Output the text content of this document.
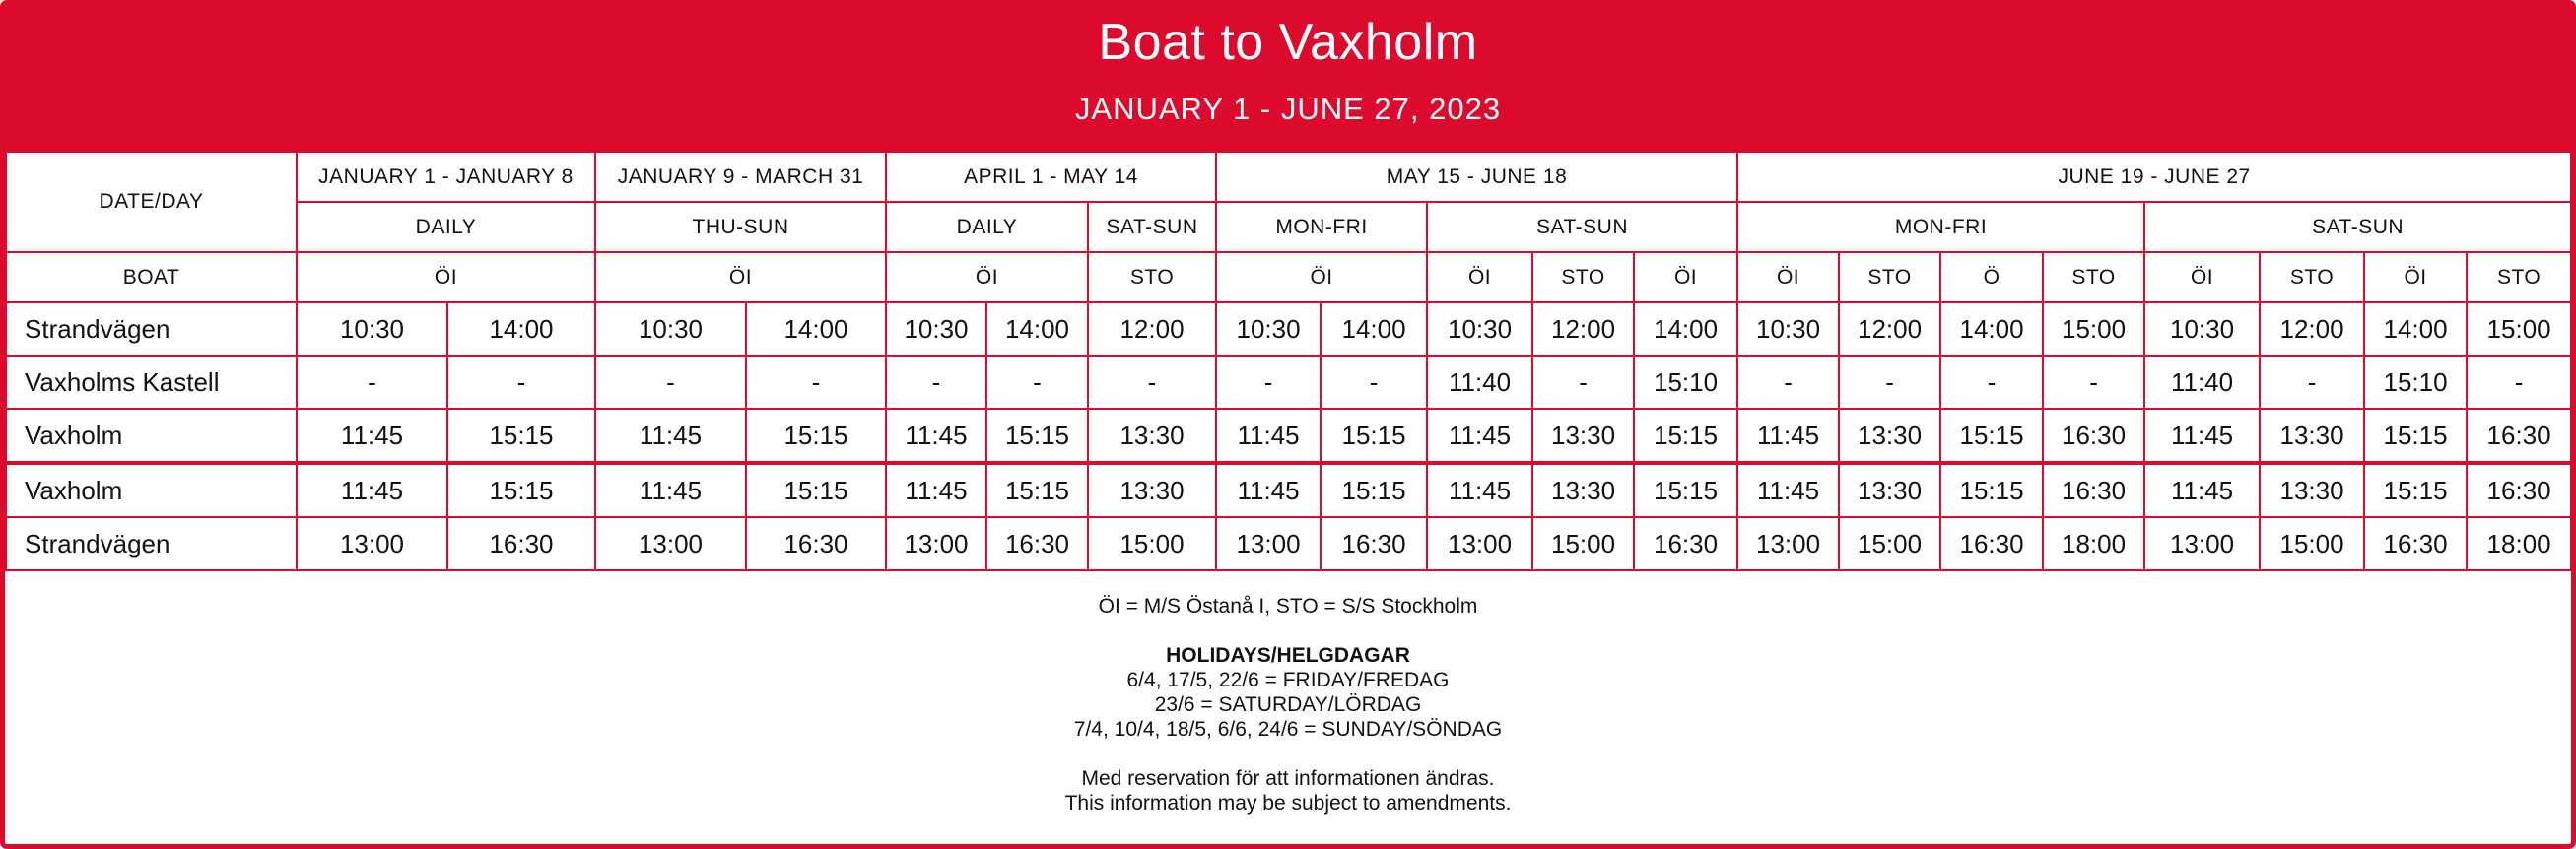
Boat to Vaxholm
JANUARY 1 - JUNE 27, 2023
DATE/DAY	JANUARY 1 - JANUARY 8		JANUARY 9 - MARCH 31		APRIL 1 - MAY 14			MAY 15 - JUNE 18					JUNE 19 - JUNE 27							
	DAILY		THU-SUN		DAILY		SAT-SUN	MON-FRI		SAT-SUN			MON-FRI				SAT-SUN			
BOAT	ÖI		ÖI		ÖI		STO	ÖI		ÖI	STO	ÖI	ÖI	STO	Ö	STO	ÖI	STO	ÖI	STO
Strandvägen	10:30	14:00	10:30	14:00	10:30	14:00	12:00	10:30	14:00	10:30	12:00	14:00	10:30	12:00	14:00	15:00	10:30	12:00	14:00	15:00
Vaxholms Kastell	-	-	-	-	-	-	-	-	-	11:40	-	15:10	-	-	-	-	11:40	-	15:10	-
Vaxholm	11:45	15:15	11:45	15:15	11:45	15:15	13:30	11:45	15:15	11:45	13:30	15:15	11:45	13:30	15:15	16:30	11:45	13:30	15:15	16:30
Vaxholm	11:45	15:15	11:45	15:15	11:45	15:15	13:30	11:45	15:15	11:45	13:30	15:15	11:45	13:30	15:15	16:30	11:45	13:30	15:15	16:30
Strandvägen	13:00	16:30	13:00	16:30	13:00	16:30	15:00	13:00	16:30	13:00	15:00	16:30	13:00	15:00	16:30	18:00	13:00	15:00	16:30	18:00
ÖI = M/S Östanå I, STO = S/S Stockholm
HOLIDAYS/HELGDAGAR
6/4, 17/5, 22/6 = FRIDAY/FREDAG
23/6 = SATURDAY/LÖRDAG
7/4, 10/4, 18/5, 6/6, 24/6 = SUNDAY/SÖNDAG
Med reservation för att informationen ändras.
This information may be subject to amendments.
